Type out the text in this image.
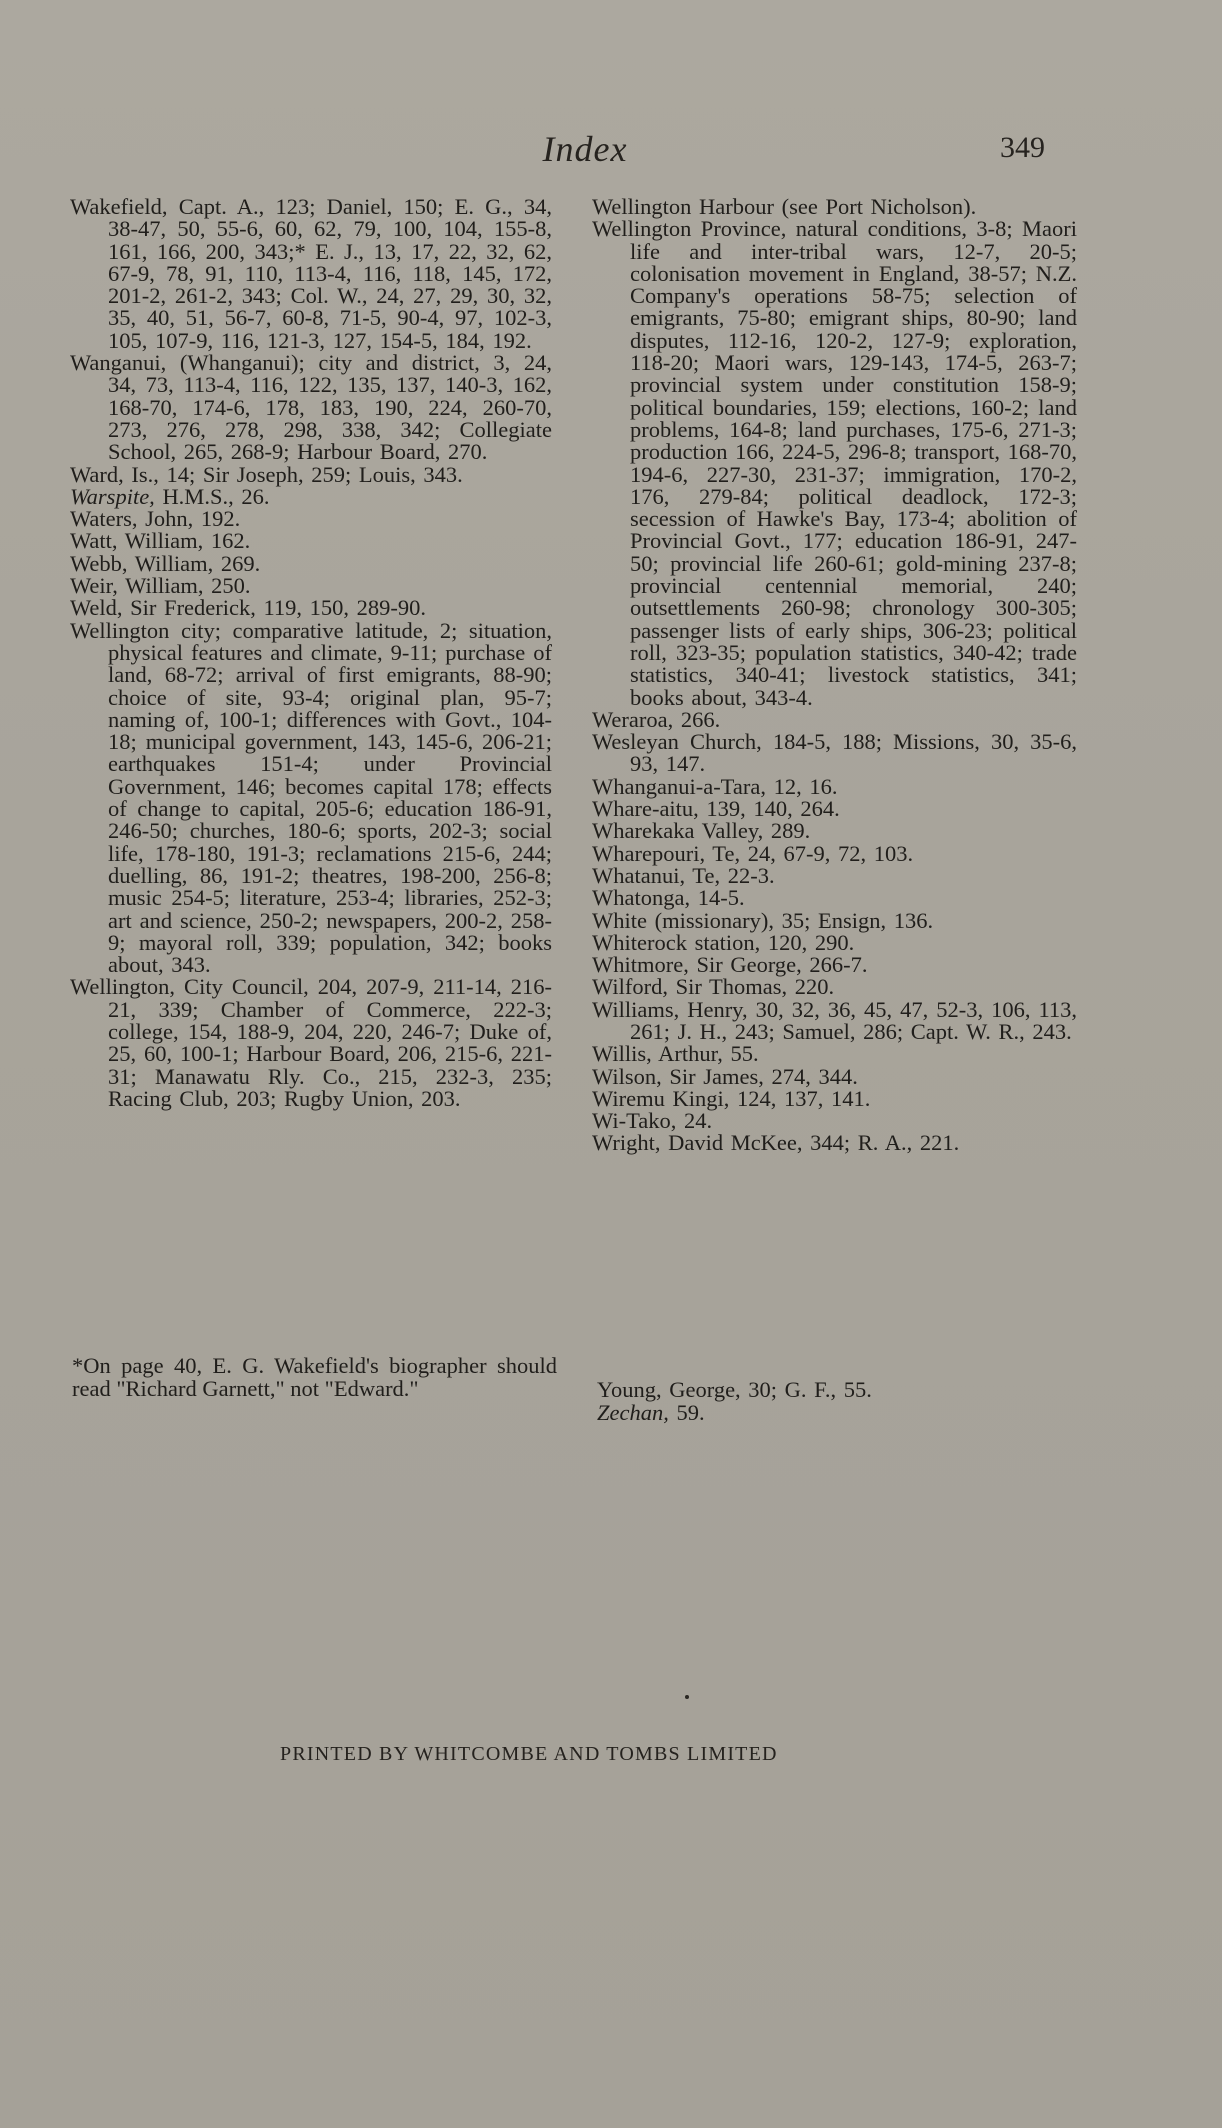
Index	349

Wakefield, Capt. A., 123; Daniel, 150; E. G., 34, 38-47, 50, 55-6, 60, 62, 79, 100, 104, 155-8, 161, 166, 200, 343;* E. J., 13, 17, 22, 32, 62, 67-9, 78, 91, 110, 113-4, 116, 118, 145, 172, 201-2, 261-2, 343; Col. W., 24, 27, 29, 30, 32, 35, 40, 51, 56-7, 60-8, 71-5, 90-4, 97, 102-3, 105, 107-9, 116, 121-3, 127, 154-5, 184, 192.

Wanganui, (Whanganui); city and district, 3, 24, 34, 73, 113-4, 116, 122, 135, 137, 140-3, 162, 168-70, 174-6, 178, 183, 190, 224, 260-70, 273, 276, 278, 298, 338, 342; Collegiate School, 265, 268-9; Harbour Board, 270.

Ward, Is., 14; Sir Joseph, 259; Louis, 343.

Warspite, H.M.S., 26.

Waters, John, 192.

Watt, William, 162.

Webb, William, 269.

Weir, William, 250.

Weld, Sir Frederick, 119, 150, 289-90.

Wellington city; comparative latitude, 2; situation, physical features and climate, 9-11; purchase of land, 68-72; arrival of first emigrants, 88-90; choice of site, 93-4; original plan, 95-7; naming of, 100-1; differences with Govt., 104-18; municipal government, 143, 145-6, 206-21; earthquakes 151-4; under Provincial Government, 146; becomes capital 178; effects of change to capital, 205-6; education 186-91, 246-50; churches, 180-6; sports, 202-3; social life, 178-180, 191-3; reclamations 215-6, 244; duelling, 86, 191-2; theatres, 198-200, 256-8; music 254-5; literature, 253-4; libraries, 252-3; art and science, 250-2; newspapers, 200-2, 258-9; mayoral roll, 339; population, 342; books about, 343.

Wellington, City Council, 204, 207-9, 211-14, 216-21, 339; Chamber of Commerce, 222-3; college, 154, 188-9, 204, 220, 246-7; Duke of, 25, 60, 100-1; Harbour Board, 206, 215-6, 221-31; Manawatu Rly. Co., 215, 232-3, 235; Racing Club, 203; Rugby Union, 203.

Wellington Harbour (see Port Nicholson).

Wellington Province, natural conditions, 3-8; Maori life and inter-tribal wars, 12-7, 20-5; colonisation movement in England, 38-57; N.Z. Company's operations 58-75; selection of emigrants, 75-80; emigrant ships, 80-90; land disputes, 112-16, 120-2, 127-9; exploration, 118-20; Maori wars, 129-143, 174-5, 263-7; provincial system under constitution 158-9; political boundaries, 159; elections, 160-2; land problems, 164-8; land purchases, 175-6, 271-3; production 166, 224-5, 296-8; transport, 168-70, 194-6, 227-30, 231-37; immigration, 170-2, 176, 279-84; political deadlock, 172-3; secession of Hawke's Bay, 173-4; abolition of Provincial Govt., 177; education 186-91, 247-50; provincial life 260-61; gold-mining 237-8; provincial centennial memorial, 240; outsettlements 260-98; chronology 300-305; passenger lists of early ships, 306-23; political roll, 323-35; population statistics, 340-42; trade statistics, 340-41; livestock statistics, 341; books about, 343-4.

Weraroa, 266.

Wesleyan Church, 184-5, 188; Missions, 30, 35-6, 93, 147.

Whanganui-a-Tara, 12, 16.

Whare-aitu, 139, 140, 264.

Wharekaka Valley, 289.

Wharepouri, Te, 24, 67-9, 72, 103.

Whatanui, Te, 22-3.

Whatonga, 14-5.

White (missionary), 35; Ensign, 136.

Whiterock station, 120, 290.

Whitmore, Sir George, 266-7.

Wilford, Sir Thomas, 220.

Williams, Henry, 30, 32, 36, 45, 47, 52-3, 106, 113, 261; J. H., 243; Samuel, 286; Capt. W. R., 243.

Willis, Arthur, 55.

Wilson, Sir James, 274, 344.

Wiremu Kingi, 124, 137, 141.

Wi-Tako, 24.

Wright, David McKee, 344; R. A., 221.

*On page 40, E. G. Wakefield's biographer should read "Richard Garnett," not "Edward."	Young, George, 30; G. F., 55.

Zechan, 59.

PRINTED BY WHITCOMBE AND TOMBS LIMITED
